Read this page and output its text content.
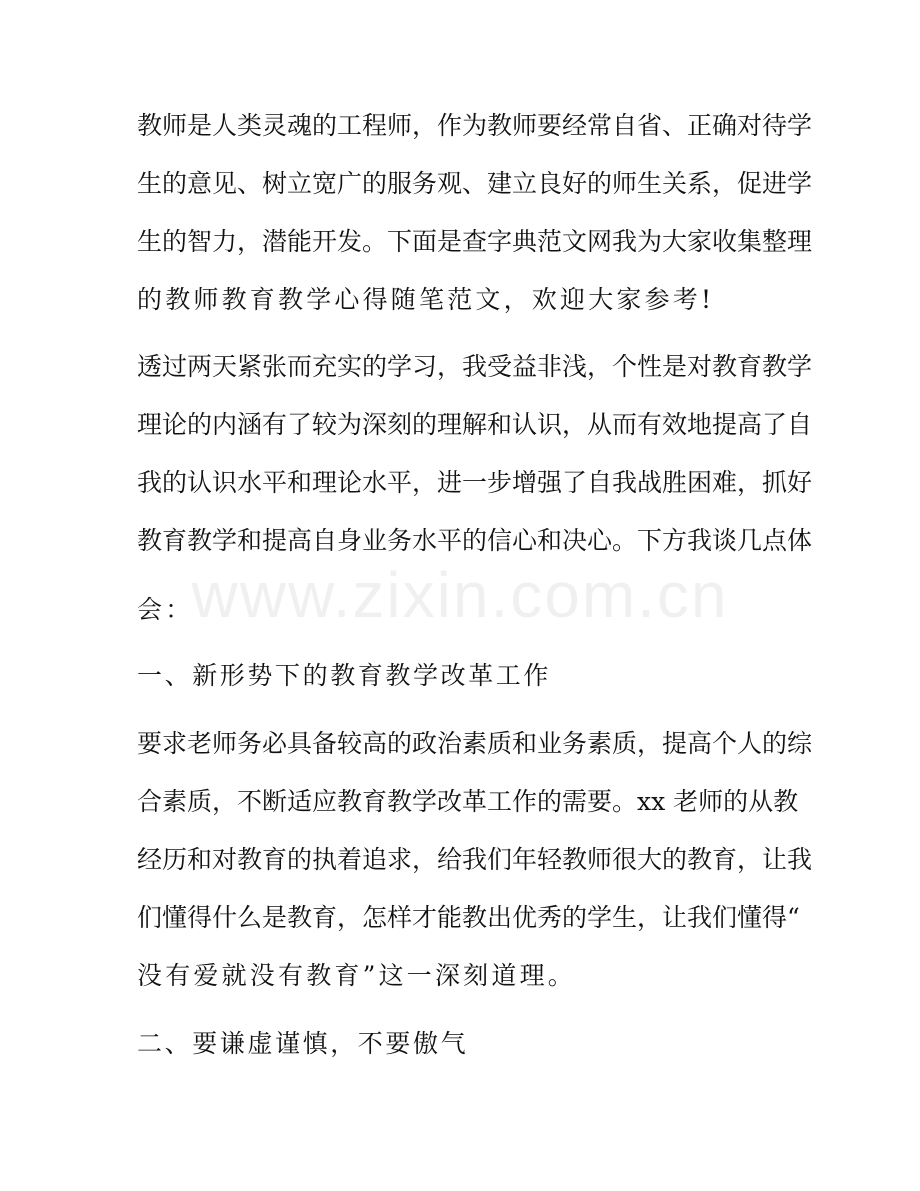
www.zixin.com.cn
教师是人类灵魂的工程师，作为教师要经常自省、正确对待学
生的意见、树立宽广的服务观、建立良好的师生关系，促进学
生的智力，潜能开发。下面是查字典范文网我为大家收集整理
的教师教育教学心得随笔范文，欢迎大家参考!
透过两天紧张而充实的学习，我受益非浅，个性是对教育教学
理论的内涵有了较为深刻的理解和认识，从而有效地提高了自
我的认识水平和理论水平，进一步增强了自我战胜困难，抓好
教育教学和提高自身业务水平的信心和决心。下方我谈几点体
会：
一、新形势下的教育教学改革工作
要求老师务必具备较高的政治素质和业务素质，提高个人的综
合素质，不断适应教育教学改革工作的需要。xx 老师的从教
经历和对教育的执着追求，给我们年轻教师很大的教育，让我
们懂得什么是教育，怎样才能教出优秀的学生，让我们懂得“
没有爱就没有教育”这一深刻道理。
二、要谦虚谨慎，不要傲气
